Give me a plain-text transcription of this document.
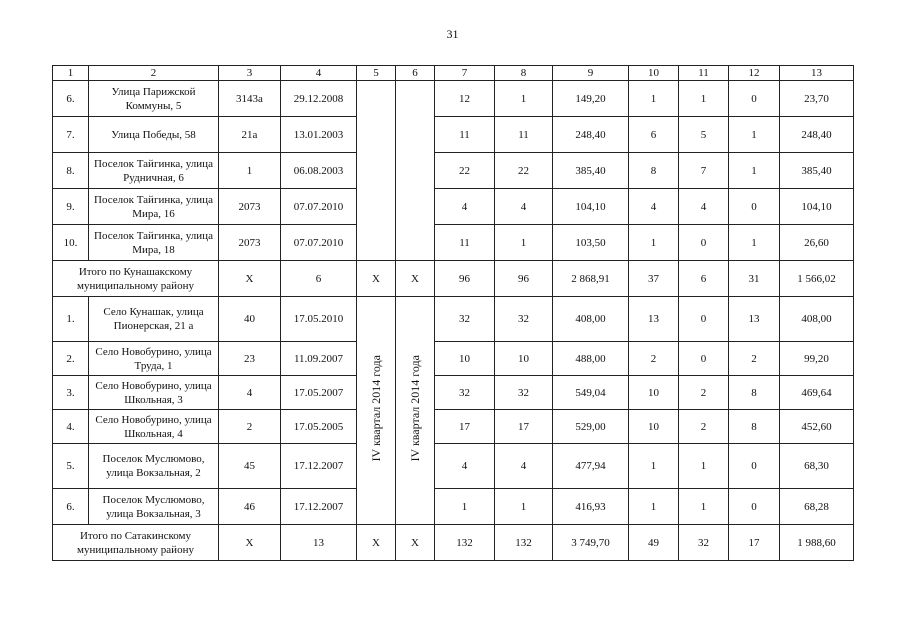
31
1	2	3	4	5	6	7	8	9	10	11	12	13
6.	Улица Парижской Коммуны, 5	3143а	29.12.2008			12	1	149,20	1	1	0	23,70
7.	Улица Победы, 58	21а	13.01.2003			11	11	248,40	6	5	1	248,40
8.	Поселок Тайгинка, улица Рудничная, 6	1	06.08.2003			22	22	385,40	8	7	1	385,40
9.	Поселок Тайгинка, улица Мира, 16	2073	07.07.2010			4	4	104,10	4	4	0	104,10
10.	Поселок Тайгинка, улица Мира, 18	2073	07.07.2010			11	1	103,50	1	0	1	26,60
Итого по Кунашакскому муниципальному району		Х	6	Х	Х	96	96	2 868,91	37	6	31	1 566,02
1.	Село Кунашак, улица Пионерская, 21 а	40	17.05.2010	IV квартал 2014 года	IV квартал 2014 года	32	32	408,00	13	0	13	408,00
2.	Село Новобурино, улица Труда, 1	23	11.09.2007			10	10	488,00	2	0	2	99,20
3.	Село Новобурино, улица Школьная, 3	4	17.05.2007			32	32	549,04	10	2	8	469,64
4.	Село Новобурино, улица Школьная, 4	2	17.05.2005			17	17	529,00	10	2	8	452,60
5.	Поселок Муслюмово, улица Вокзальная, 2	45	17.12.2007			4	4	477,94	1	1	0	68,30
6.	Поселок Муслюмово, улица Вокзальная, 3	46	17.12.2007			1	1	416,93	1	1	0	68,28
Итого по Сатакинскому муниципальному району		Х	13	Х	Х	132	132	3 749,70	49	32	17	1 988,60
